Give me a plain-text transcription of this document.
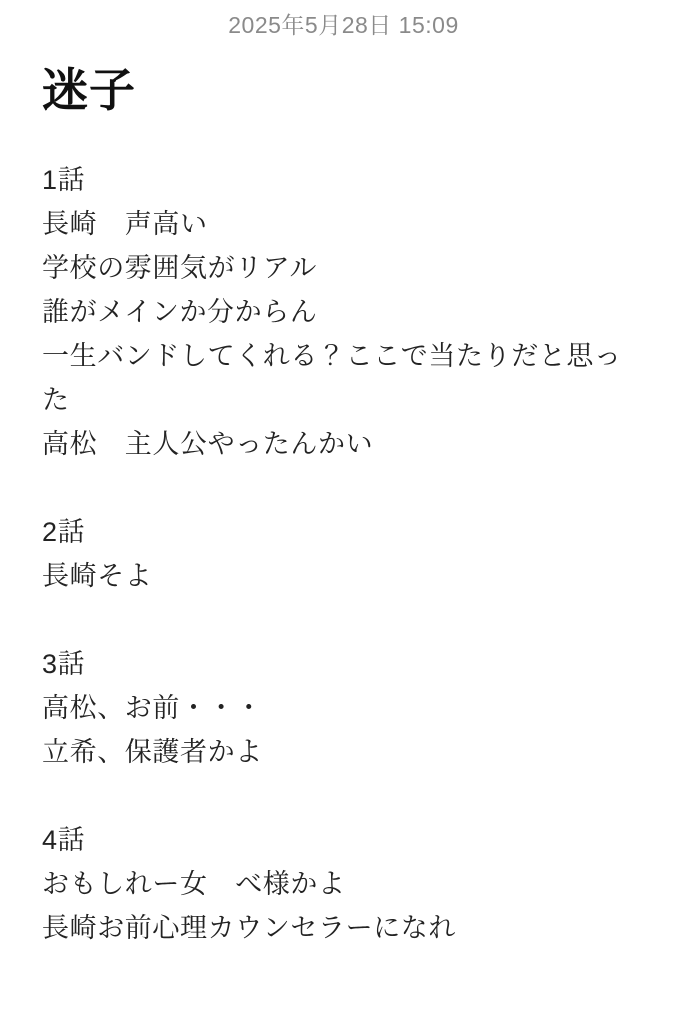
2025年5月28日 15:09
迷子
1話
長崎　声高い
学校の雰囲気がリアル
誰がメインか分からん
一生バンドしてくれる？ここで当たりだと思った
高松　主人公やったんかい
2話
長崎そよ
3話
高松、お前・・・
立希、保護者かよ
4話
おもしれー女　べ様かよ
長崎お前心理カウンセラーになれ
